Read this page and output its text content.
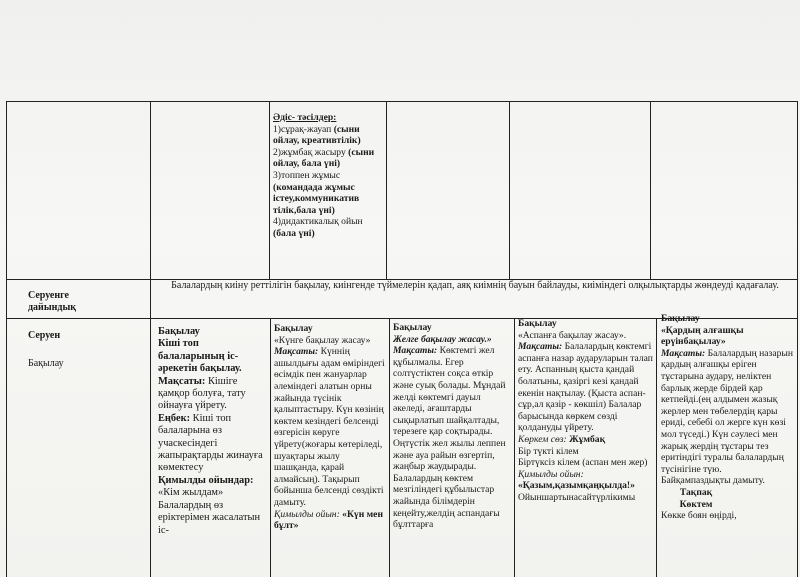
Әдіс- тәсілдер:
1)сұрақ-жауап (сыни ойлау, креативтілік)
2)жұмбақ жасыру (сыни ойлау, бала үні)
3)топпен жұмыс (командада жұмыс істеу,коммуникатив тілік,бала үні)
4)дидактикалық ойын (бала үні)
Серуенге дайындық
Балалардың киіну реттілігін бақылау, киінгенде түймелерін қадап, аяқ киімнің бауын байлауды, киіміндегі олқылықтарды жөндеуді қадағалау.
Серуен
Бақылау
Бақылау
Кіші топ балаларының іс-әрекетін бақылау.
Мақсаты: Кішіге қамқор болуға, тату ойнауға үйрету.
Еңбек: Кіші топ балаларына өз учаскесіндегі жапырақтарды жинауға көмектесу
Қимылды ойындар:
«Кім жылдам»
Балалардың өз ерiктерiмен жасалатын iс-
Бақылау
«Күнге бақылау жасау»
Мақсаты: Күннің ашылдығы адам өміріндегі өсімдік пен жануарлар әлеміндегі алатын орны жайында түсінік қалыптастыру. Күн көзінің көктем кезіндегі белсенді өзгерісін көруге үйрету(жоғары көтеріледі, шуақтары жылу шашқанда, қарай алмайсың). Тақырып бойынша белсенді сөздікті дамыту.
Қимылды ойын: «Күн мен бұлт»
Бақылау
Желге бақылау жасау.»
Мақсаты: Көктемгі жел құбылмалы. Егер солтүстіктен соқса өткір және суық болады. Мұндай желді көктемгі дауыл әкеледі, ағаштарды сықырлатып шайқалтады, терезеге қар соқтырады. Оңтүстік жел жылы леппен және ауа райын өзгертіп, жаңбыр жаудырады. Балалардың көктем мезгіліндегі құбылыстар жайында білімдерін кеңейту,желдің аспандағы бұлттарға
Бақылау
«Аспанға бақылау жасау».
Мақсаты: Балалардың көктемгі аспанға назар аударуларын талап ету. Аспанның қыста қандай болатыны, қазіргі кезі қандай екенін нақтылау. (Қыста аспан- сұр,ал қазір - көкшіл) Балалар барысында көркем сөзді қолдануды үйрету.
Көркем сөз: Жұмбақ
Бір түкті кілем
Біртүксіз кілем (аспан мен жер)
Қимылды ойын:
«Қазым,қазымқаңқылда!»
Ойыншартынасайтүрлікимы
Бақылау
«Қардың алғашқы ерүінбақылау»
Мақсаты: Балалардың назарын қардың алғашқы еріген тұстарына аудару, неліктен барлық жерде бірдей қар кетпейді.(ең алдымен жазық жерлер мен төбелердің қары ериді, себебі ол жерге күн көзі мол түседі.) Күн сәулесі мен жарық жердің тұстары тез еритіндігі туралы балалардың түсінігіне түю. Байқампаздықты дамыту.
Тақпақ
Көктем
Көкке боян өңірді,
